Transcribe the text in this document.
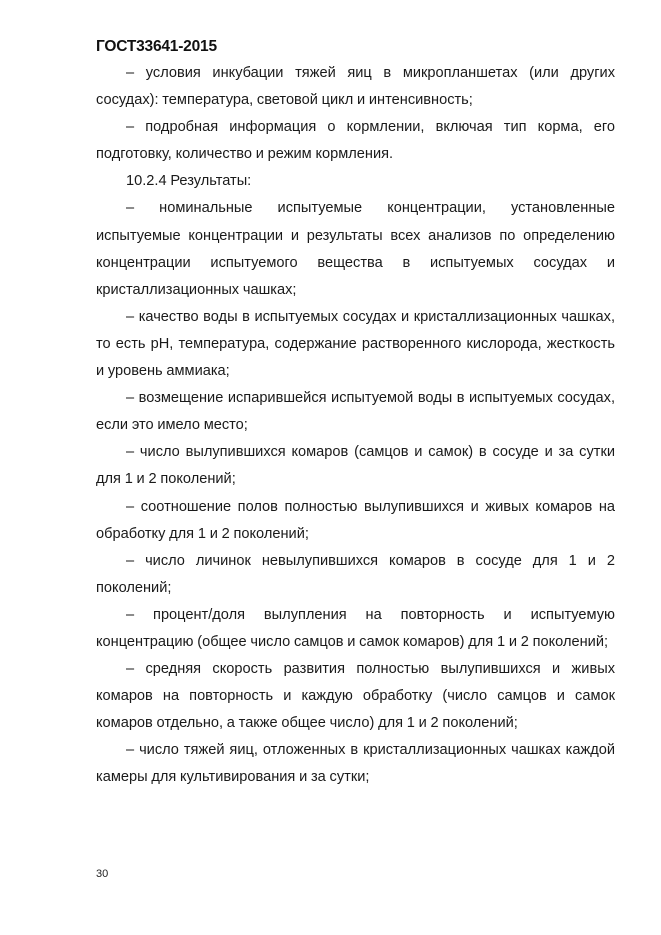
ГОСТ33641-2015

– условия инкубации тяжей яиц в микропланшетах (или других сосудах): температура, световой цикл и интенсивность;

– подробная информация о кормлении, включая тип корма, его подготовку, количество и режим кормления.

10.2.4 Результаты:

– номинальные испытуемые концентрации, установленные испытуемые концентрации и результаты всех анализов по определению концентрации испытуемого вещества в испытуемых сосудах и кристаллизационных чашках;

– качество воды в испытуемых сосудах и кристаллизационных чашках, то есть pH, температура, содержание растворенного кислорода, жесткость и уровень аммиака;

– возмещение испарившейся испытуемой воды в испытуемых сосудах, если это имело место;

– число вылупившихся комаров (самцов и самок) в сосуде и за сутки для 1 и 2 поколений;

– соотношение полов полностью вылупившихся и живых комаров на обработку для 1 и 2 поколений;

– число личинок невылупившихся комаров в сосуде для 1 и 2 поколений;

– процент/доля вылупления на повторность и испытуемую концентрацию (общее число самцов и самок комаров) для 1 и 2 поколений;

– средняя скорость развития полностью вылупившихся и живых комаров на повторность и каждую обработку (число самцов и самок комаров отдельно, а также общее число) для 1 и 2 поколений;

– число тяжей яиц, отложенных в кристаллизационных чашках каждой камеры для культивирования и за сутки;

30
